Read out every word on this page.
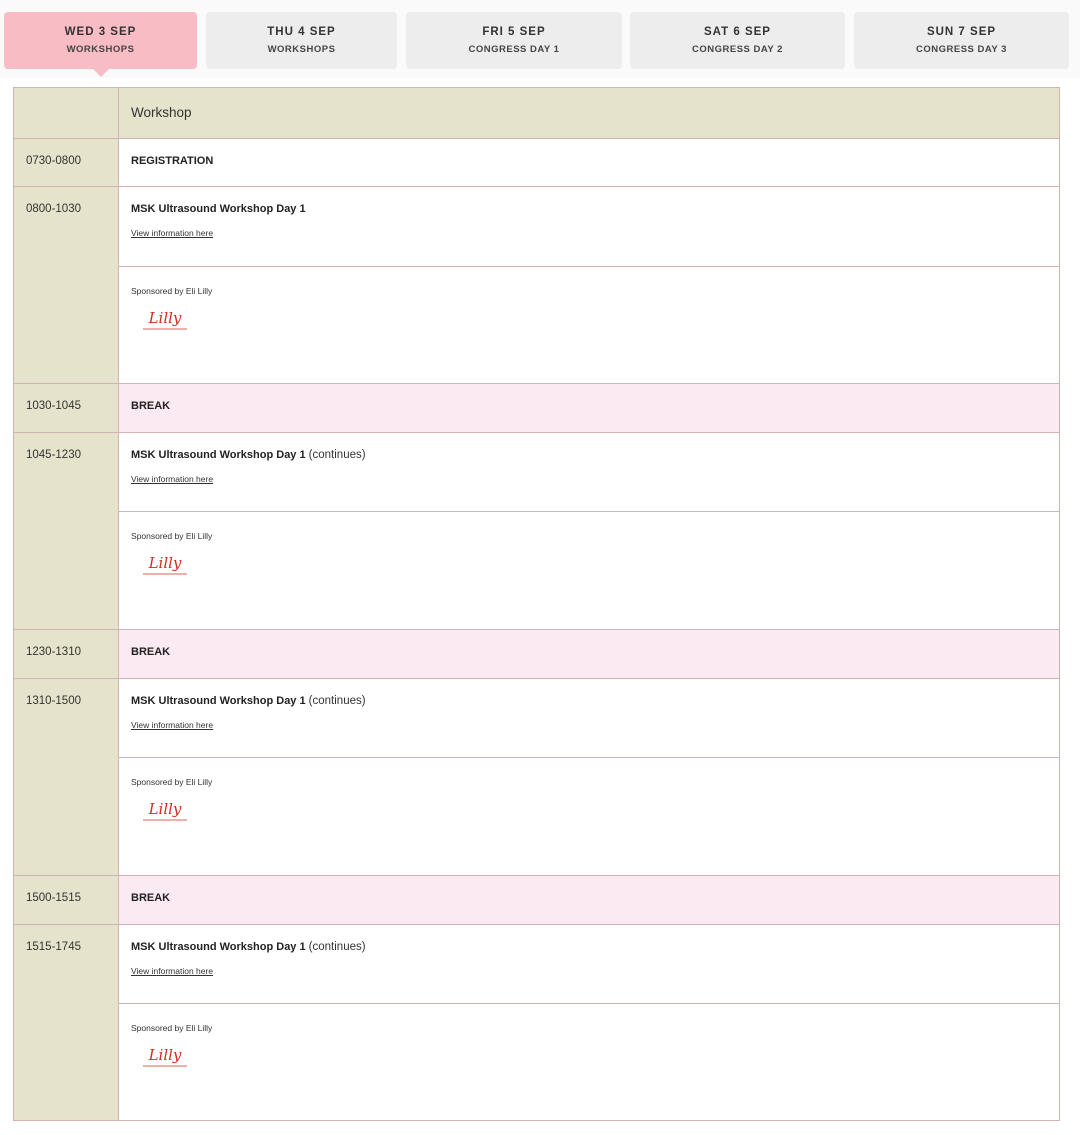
WED 3 SEP
WORKSHOPS
THU 4 SEP
WORKSHOPS
FRI 5 SEP
CONGRESS DAY 1
SAT 6 SEP
CONGRESS DAY 2
SUN 7 SEP
CONGRESS DAY 3
	Workshop
0730-0800	REGISTRATION

0800-1030	MSK Ultrasound Workshop Day 1
View information here

	Sponsored by Eli Lilly
Lilly

1030-1045	BREAK

1045-1230	MSK Ultrasound Workshop Day 1 (continues)
View information here

	Sponsored by Eli Lilly
Lilly

1230-1310	BREAK

1310-1500	MSK Ultrasound Workshop Day 1 (continues)
View information here

	Sponsored by Eli Lilly
Lilly

1500-1515	BREAK

1515-1745	MSK Ultrasound Workshop Day 1 (continues)
View information here

	Sponsored by Eli Lilly
Lilly
